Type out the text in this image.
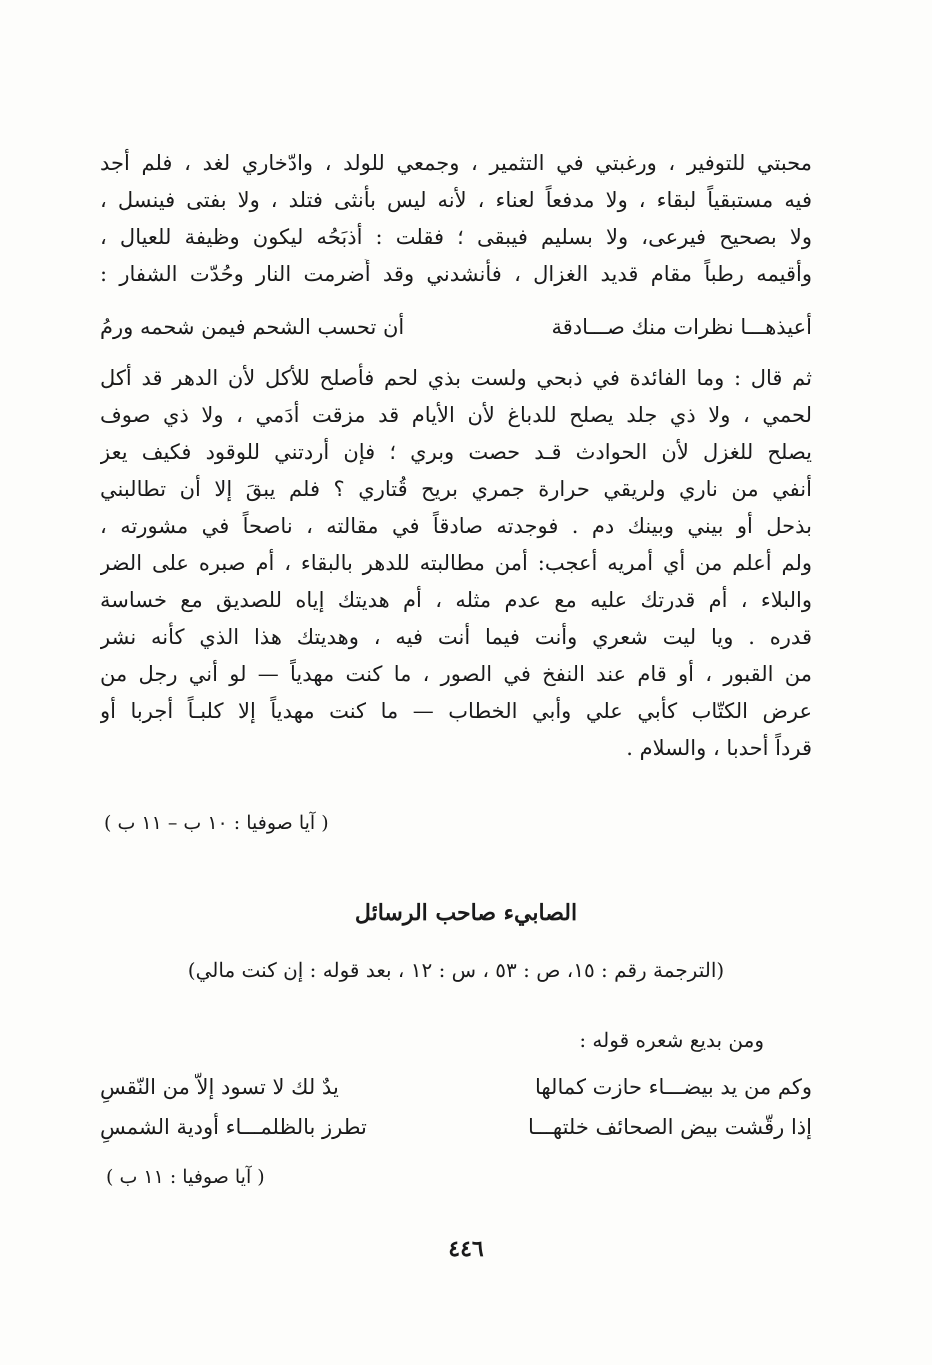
محبتي للتوفير ، ورغبتي في التثمير ، وجمعي للولد ، وادّخاري لغد ، فلم أجد
فيه مستبقياً لبقاء ، ولا مدفعاً لعناء ، لأنه ليس بأنثى فتلد ، ولا بفتى فينسل ،
ولا بصحيح فيرعى، ولا بسليم فيبقى ؛ فقلت : أذبَحُه ليكون وظيفة للعيال ،
وأقيمه رطباً مقام قديد الغزال ، فأنشدني وقد أُضرمت النار وحُدّت الشفار :
أعيذهـــا نظرات منك صـــادقة
أن تحسب الشحم فيمن شحمه ورمُ
ثم قال : وما الفائدة في ذبحي ولست بذي لحم فأصلح للأكل لأن الدهر قد أكل
لحمي ، ولا ذي جلد يصلح للدباغ لأن الأيام قد مزقت أدَمي ، ولا ذي صوف
يصلح للغزل لأن الحوادث قـد حصت وبري ؛ فإن أردتني للوقود فكيف يعز
أنفي من ناري ولريقي حرارة جمري بريح قُتاري ؟ فلم يبقَ إلا أن تطالبني
بذحل أو بيني وبينك دم . فوجدته صادقاً في مقالته ، ناصحاً في مشورته ،
ولم أعلم من أي أمريه أعجب: أمن مطالبته للدهر بالبقاء ، أم صبره على الضر
والبلاء ، أم قدرتك عليه مع عدم مثله ، أم هديتك إياه للصديق مع خساسة
قدره . ويا ليت شعري وأنت فيما أنت فيه ، وهديتك هذا الذي كأنه نشر
من القبور ، أو قام عند النفخ في الصور ، ما كنت مهدياً — لو أني رجل من
عرض الكتّاب كأبي علي وأبي الخطاب — ما كنت مهدياً إلا كلبـاً أجربا أو
قرداً أحدبا ، والسلام .
( آيا صوفيا : ١٠ ب – ١١ ب )
الصابيء صاحب الرسائل
(الترجمة رقم : ١٥، ص : ٥٣ ، س : ١٢ ، بعد قوله : إن كنت مالي)
ومن بديع شعره قوله :
وكم من يد بيضـــاء حازت كمالها
يدٌ لك لا تسود إلاّ من النّقسِ
إذا رقّشت بيض الصحائف خلتهـــا
تطرز بالظلمـــاء أودية الشمسِ
( آيا صوفيا : ١١ ب )
٤٤٦
